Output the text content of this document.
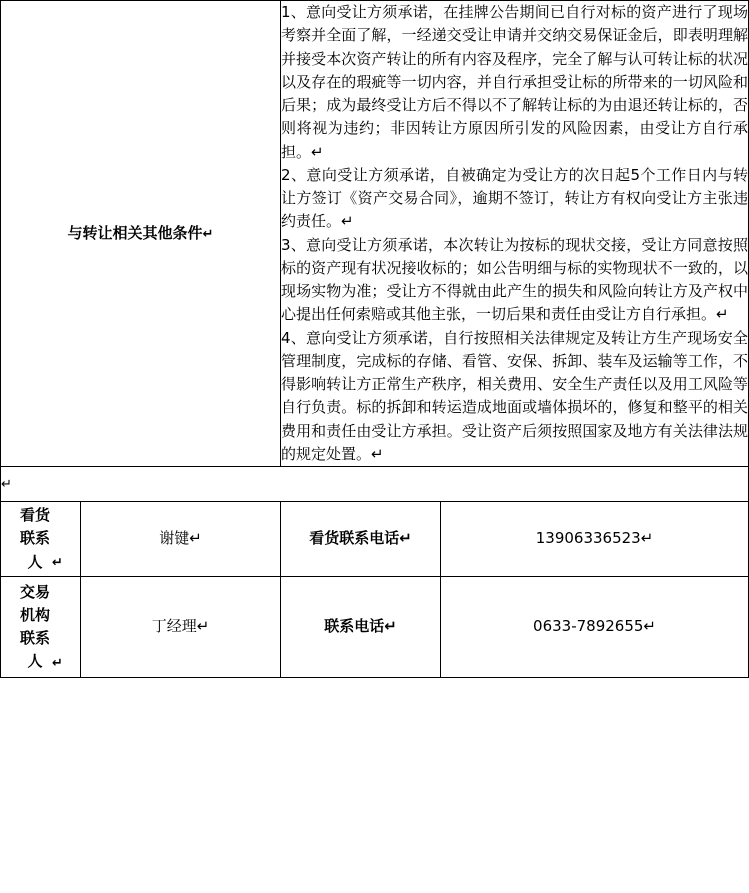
与转让相关其他条件↵		1、意向受让方须承诺，在挂牌公告期间已自行对标的资产进行了现场考察并全面了解，一经递交受让申请并交纳交易保证金后，即表明理解并接受本次资产转让的所有内容及程序，完全了解与认可转让标的状况以及存在的瑕疵等一切内容，并自行承担受让标的所带来的一切风险和后果；成为最终受让方后不得以不了解转让标的为由退还转让标的，否则将视为违约；非因转让方原因所引发的风险因素，由受让方自行承担。↵

2、意向受让方须承诺，自被确定为受让方的次日起5个工作日内与转让方签订《资产交易合同》，逾期不签订，转让方有权向受让方主张违约责任。↵

3、意向受让方须承诺，本次转让为按标的现状交接，受让方同意按照标的资产现有状况接收标的；如公告明细与标的实物现状不一致的，以现场实物为准；受让方不得就由此产生的损失和风险向转让方及产权中心提出任何索赔或其他主张，一切后果和责任由受让方自行承担。↵

4、意向受让方须承诺，自行按照相关法律规定及转让方生产现场安全管理制度，完成标的存储、看管、安保、拆卸、装车及运输等工作，不得影响转让方正常生产秩序，相关费用、安全生产责任以及用工风险等自行负责。标的拆卸和转运造成地面或墙体损坏的，修复和整平的相关费用和责任由受让方承担。受让资产后须按照国家及地方有关法律法规的规定处置。↵	

↵			
看货联系人 ↵	谢键↵	看货联系电话↵	13906336523↵
交易机构联系人 ↵	丁经理↵	联系电话↵	0633-7892655↵
